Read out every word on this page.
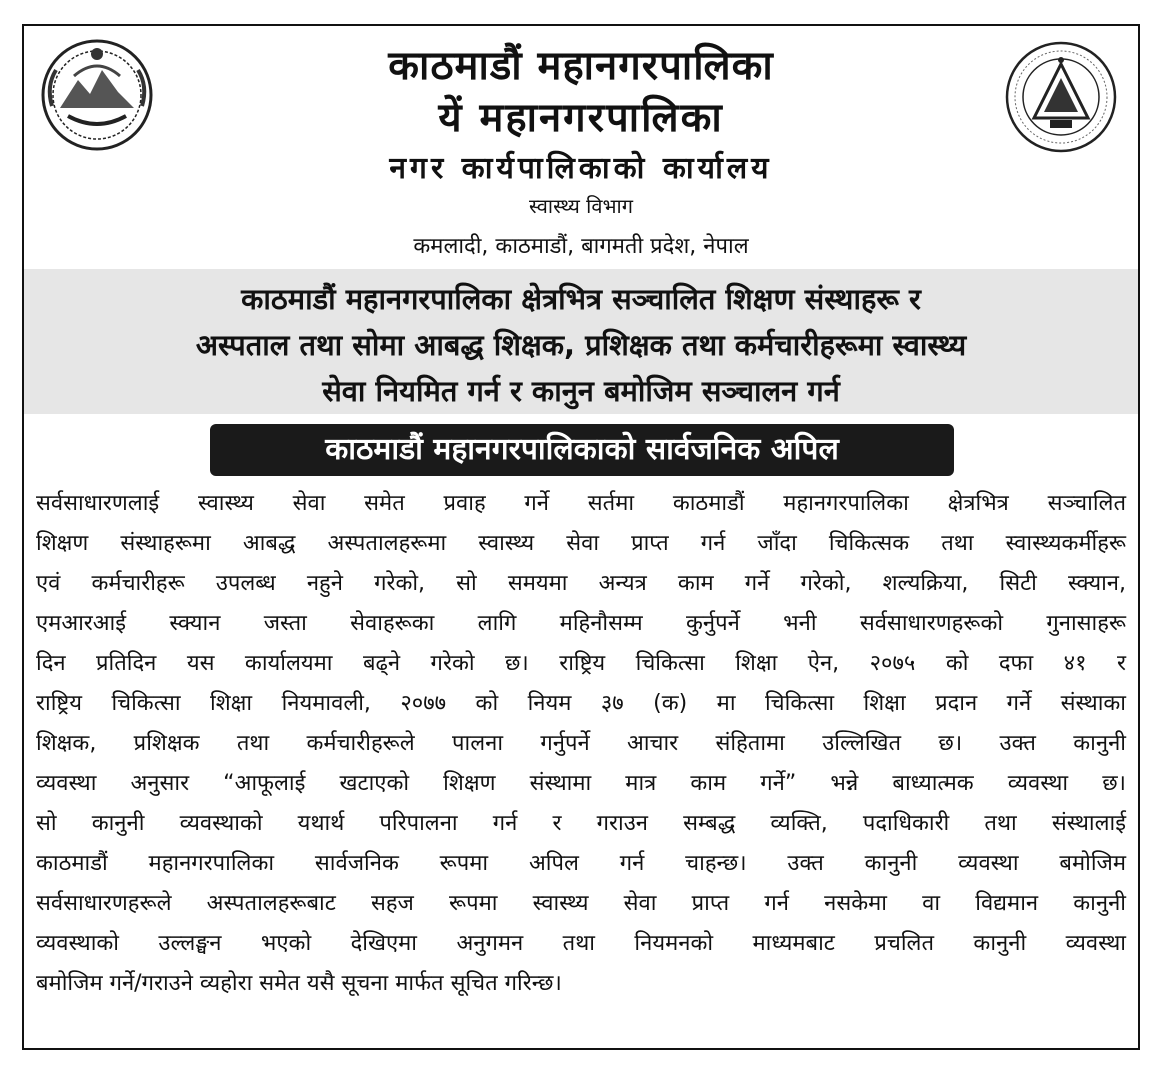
काठमाडौं महानगरपालिका
यें महानगरपालिका
नगर कार्यपालिकाको कार्यालय
स्वास्थ्य विभाग
कमलादी, काठमाडौं, बागमती प्रदेश, नेपाल
काठमाडौं महानगरपालिका क्षेत्रभित्र सञ्चालित शिक्षण संस्थाहरू र
अस्पताल तथा सोमा आबद्ध शिक्षक, प्रशिक्षक तथा कर्मचारीहरूमा स्वास्थ्य
सेवा नियमित गर्न र कानुन बमोजिम सञ्चालन गर्न
काठमाडौं महानगरपालिकाको सार्वजनिक अपिल
सर्वसाधारणलाई स्वास्थ्य सेवा समेत प्रवाह गर्ने सर्तमा काठमाडौं महानगरपालिका क्षेत्रभित्र सञ्चालित
शिक्षण संस्थाहरूमा आबद्ध अस्पतालहरूमा स्वास्थ्य सेवा प्राप्त गर्न जाँदा चिकित्सक तथा स्वास्थ्यकर्मीहरू
एवं कर्मचारीहरू उपलब्ध नहुने गरेको, सो समयमा अन्यत्र काम गर्ने गरेको, शल्यक्रिया, सिटी स्क्यान,
एमआरआई स्क्यान जस्ता सेवाहरूका लागि महिनौसम्म कुर्नुपर्ने भनी सर्वसाधारणहरूको गुनासाहरू
दिन प्रतिदिन यस कार्यालयमा बढ्ने गरेको छ। राष्ट्रिय चिकित्सा शिक्षा ऐन, २०७५ को दफा ४१ र
राष्ट्रिय चिकित्सा शिक्षा नियमावली, २०७७ को नियम ३७ (क) मा चिकित्सा शिक्षा प्रदान गर्ने संस्थाका
शिक्षक, प्रशिक्षक तथा कर्मचारीहरूले पालना गर्नुपर्ने आचार संहितामा उल्लिखित छ। उक्त कानुनी
व्यवस्था अनुसार “आफूलाई खटाएको शिक्षण संस्थामा मात्र काम गर्ने” भन्ने बाध्यात्मक व्यवस्था छ।
सो कानुनी व्यवस्थाको यथार्थ परिपालना गर्न र गराउन सम्बद्ध व्यक्ति, पदाधिकारी तथा संस्थालाई
काठमाडौं महानगरपालिका सार्वजनिक रूपमा अपिल गर्न चाहन्छ। उक्त कानुनी व्यवस्था बमोजिम
सर्वसाधारणहरूले अस्पतालहरूबाट सहज रूपमा स्वास्थ्य सेवा प्राप्त गर्न नसकेमा वा विद्यमान कानुनी
व्यवस्थाको उल्लङ्घन भएको देखिएमा अनुगमन तथा नियमनको माध्यमबाट प्रचलित कानुनी व्यवस्था
बमोजिम गर्ने/गराउने व्यहोरा समेत यसै सूचना मार्फत सूचित गरिन्छ।
